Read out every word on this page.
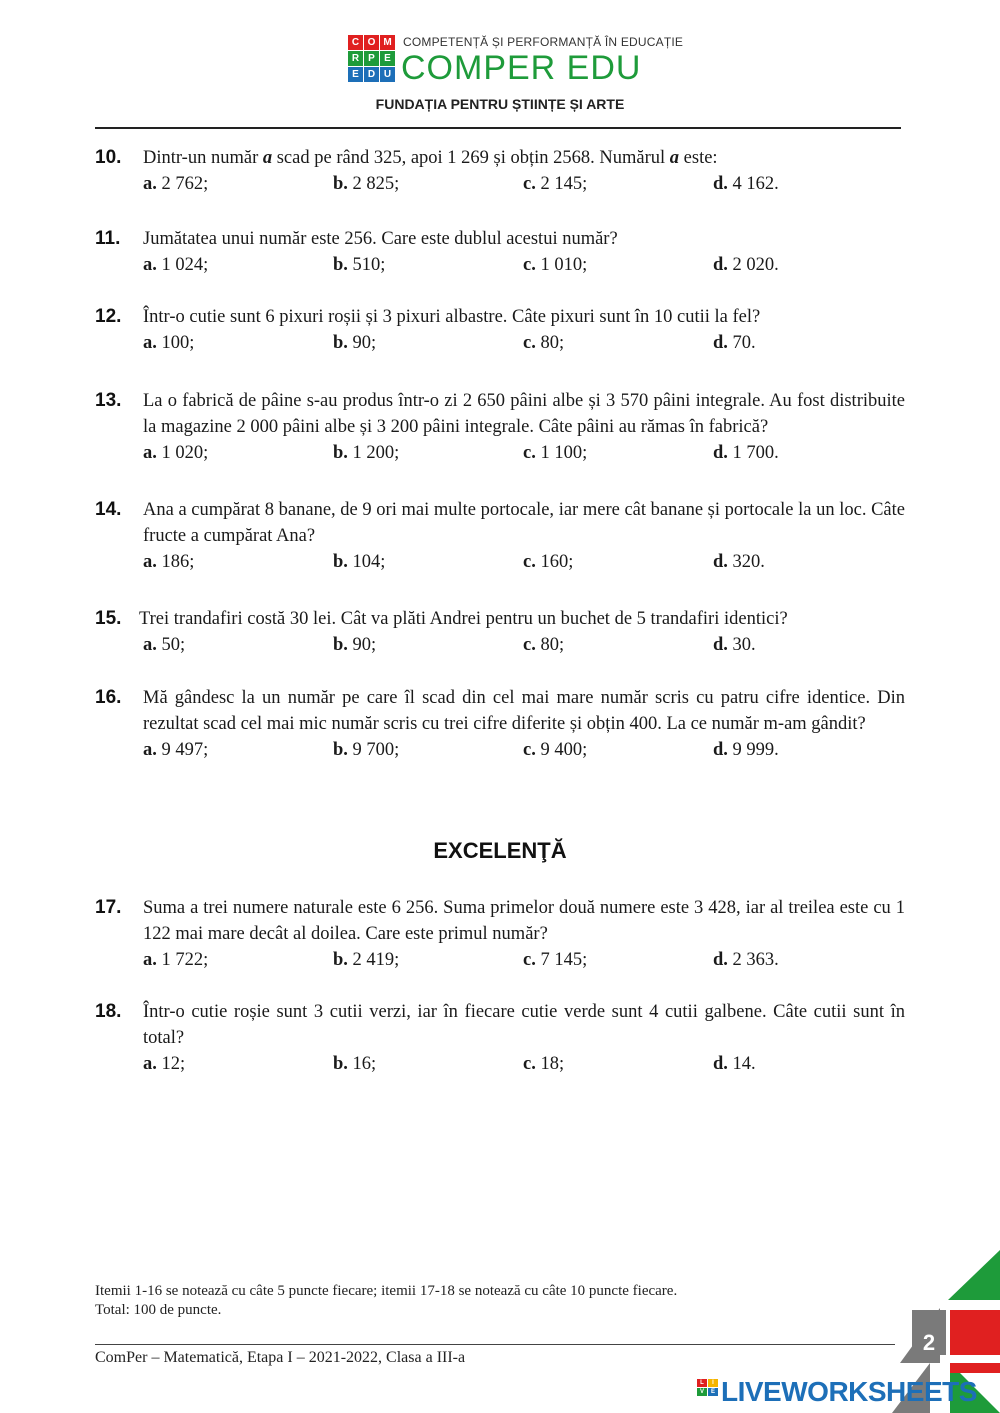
C O M
P E
E D U
R
COMPETENȚĂ ȘI PERFORMANȚĂ ÎN EDUCAȚIE
COMPER EDU
FUNDAȚIA PENTRU ȘTIINȚE ȘI ARTE
10. Dintr-un număr a scad pe rând 325, apoi 1 269 și obțin 2568. Numărul a este:
a. 2 762;	b. 2 825;	c. 2 145;	d. 4 162.
11. Jumătatea unui număr este 256. Care este dublul acestui număr?
a. 1 024;	b. 510;	c. 1 010;	d. 2 020.
12. Într-o cutie sunt 6 pixuri roșii și 3 pixuri albastre. Câte pixuri sunt în 10 cutii la fel?
a. 100;	b. 90;	c. 80;	d. 70.
13. La o fabrică de pâine s-au produs într-o zi 2 650 pâini albe și 3 570 pâini integrale. Au fost distribuite la magazine 2 000 pâini albe și 3 200 pâini integrale. Câte pâini au rămas în fabrică?
a. 1 020;	b. 1 200;	c. 1 100;	d. 1 700.
14. Ana a cumpărat 8 banane, de 9 ori mai multe portocale, iar mere cât banane și portocale la un loc. Câte fructe a cumpărat Ana?
a. 186;	b. 104;	c. 160;	d. 320.
15. Trei trandafiri costă 30 lei. Cât va plăti Andrei pentru un buchet de 5 trandafiri identici?
a. 50;	b. 90;	c. 80;	d. 30.
16. Mă gândesc la un număr pe care îl scad din cel mai mare număr scris cu patru cifre identice. Din rezultat scad cel mai mic număr scris cu trei cifre diferite și obțin 400. La ce număr m-am gândit?
a. 9 497;	b. 9 700;	c. 9 400;	d. 9 999.
EXCELENŢĂ
17. Suma a trei numere naturale este 6 256. Suma primelor două numere este 3 428, iar al treilea este cu 1 122 mai mare decât al doilea. Care este primul număr?
a. 1 722;	b. 2 419;	c. 7 145;	d. 2 363.
18. Într-o cutie roșie sunt 3 cutii verzi, iar în fiecare cutie verde sunt 4 cutii galbene. Câte cutii sunt în total?
a. 12;	b. 16;	c. 18;	d. 14.
Itemii 1-16 se notează cu câte 5 puncte fiecare; itemii 17-18 se notează cu câte 10 puncte fiecare.
Total: 100 de puncte.
ComPer – Matematică, Etapa I – 2021-2022, Clasa a III-a
2
L	I
V	E LIVEWORKSHEETS
